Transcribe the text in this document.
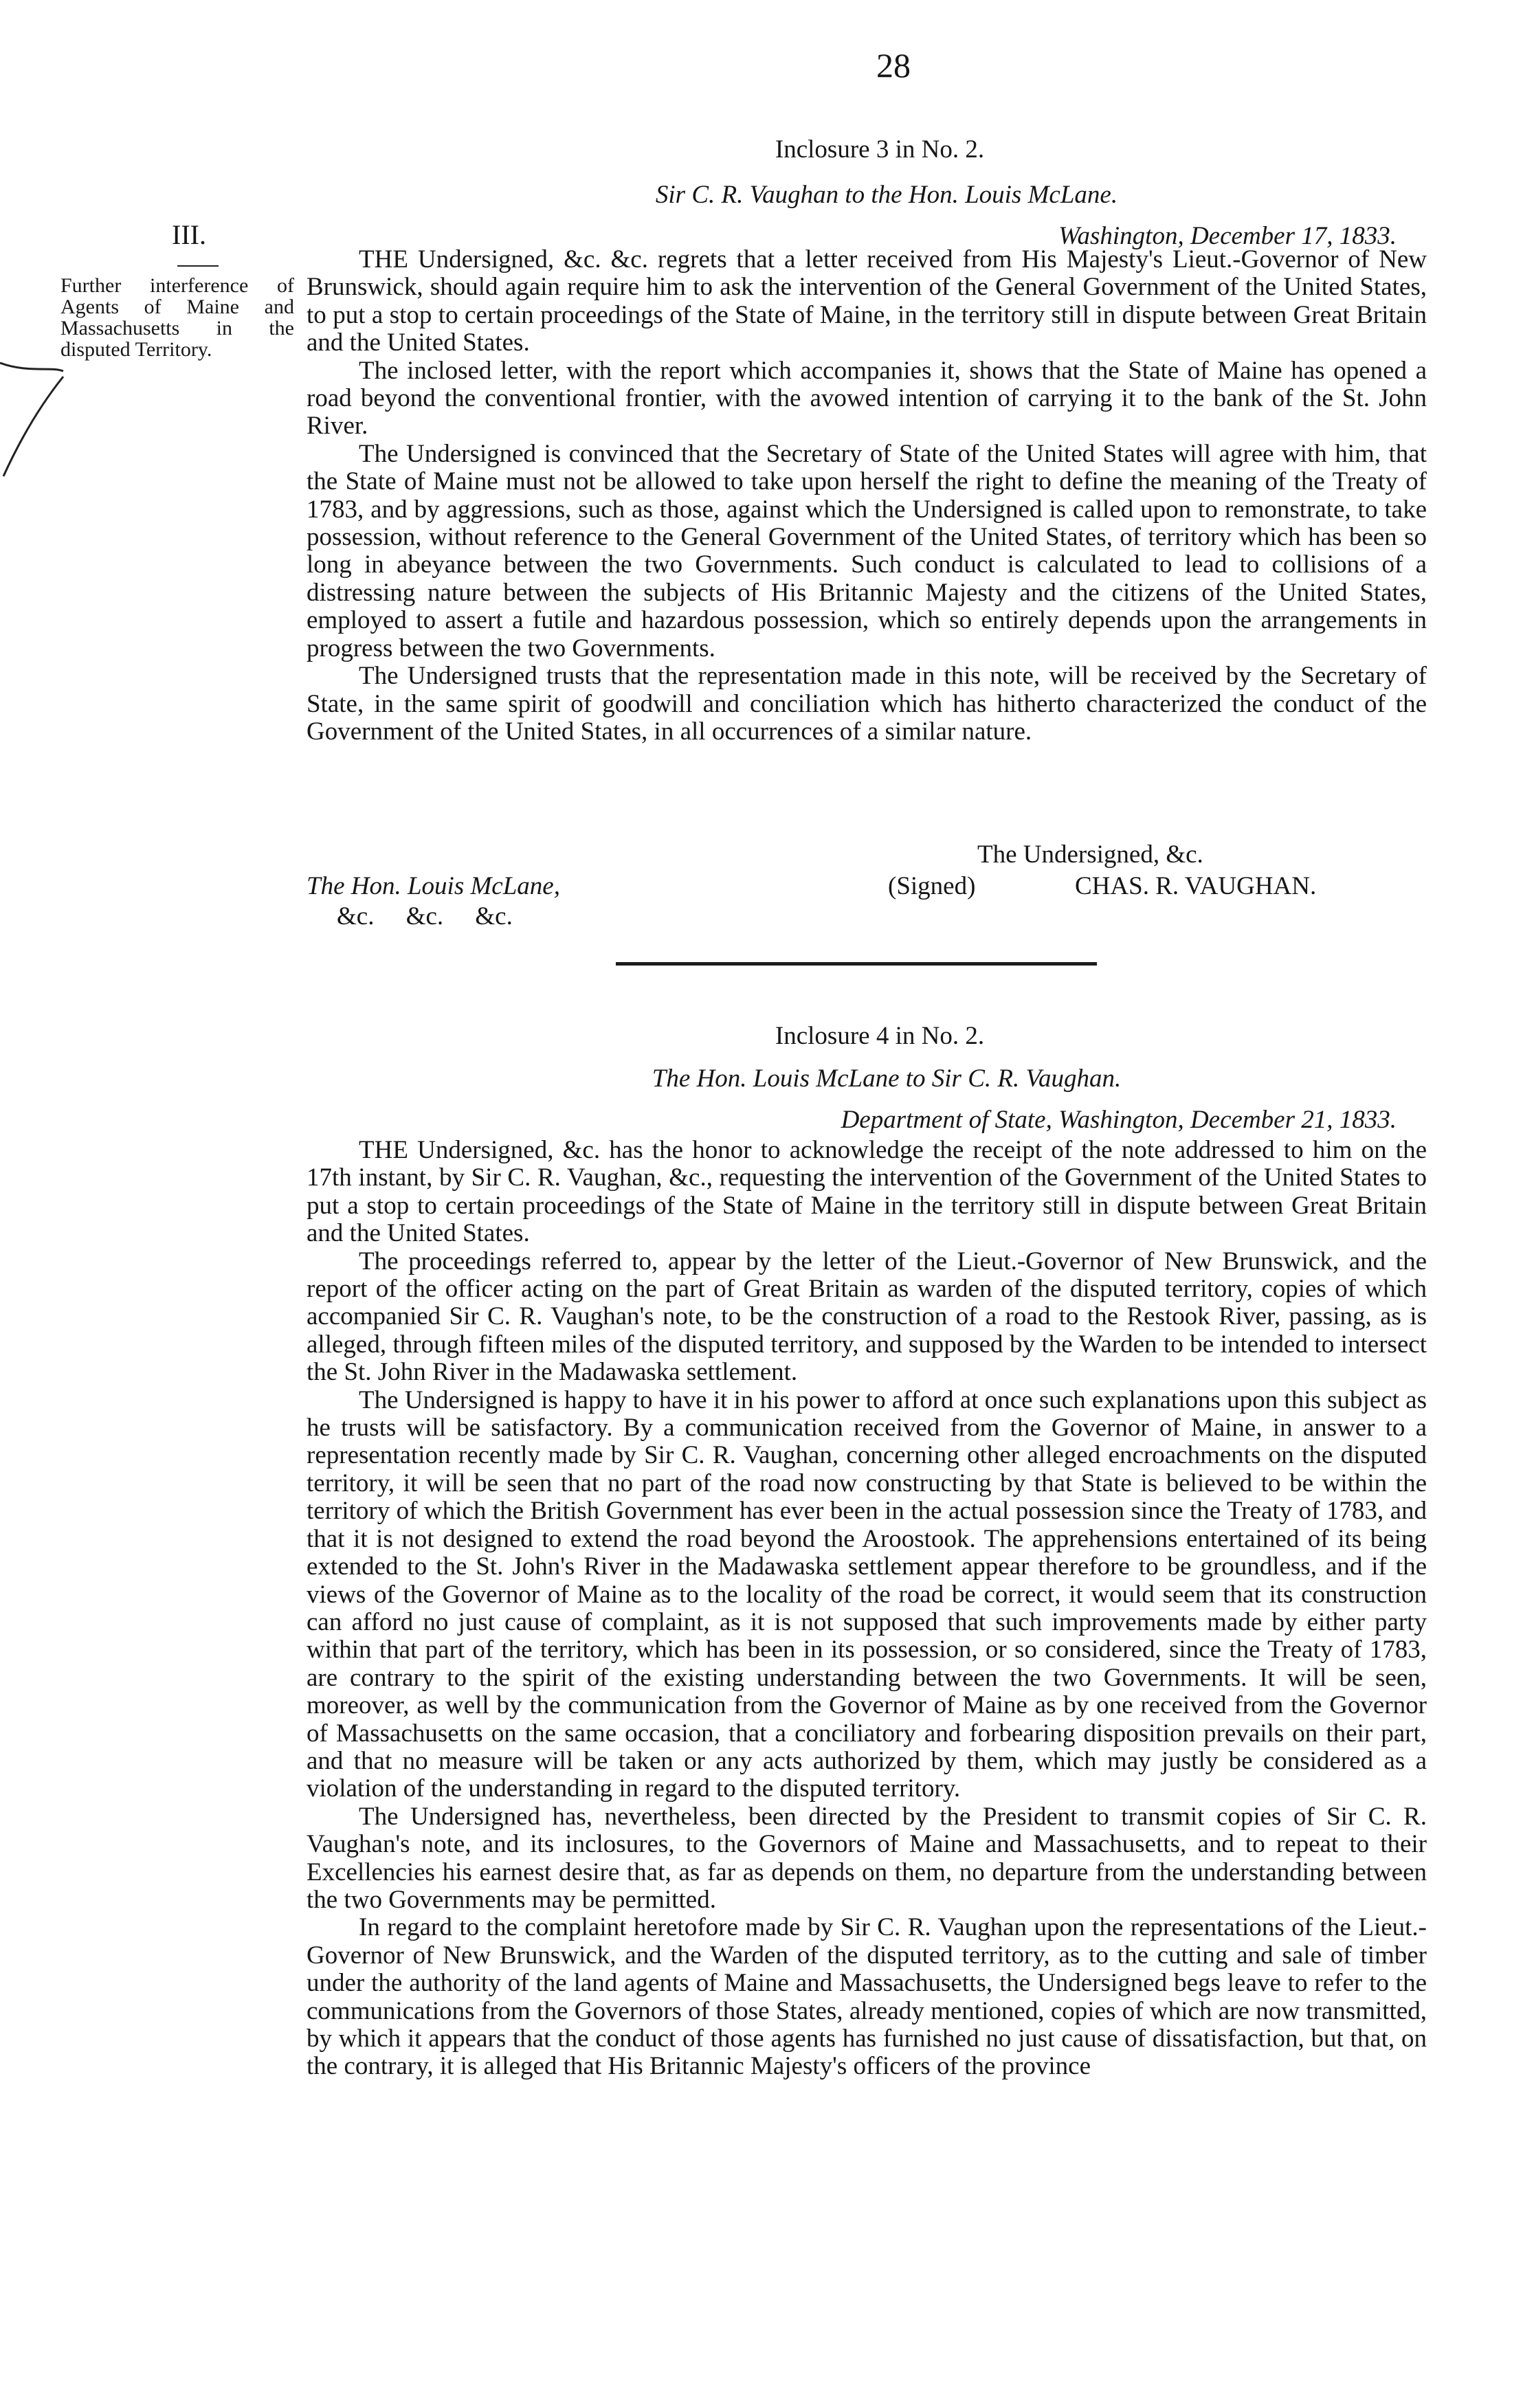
28
Inclosure 3 in No. 2.
Sir C. R. Vaughan to the Hon. Louis McLane.
Washington, December 17, 1833.
III.
Further interference of Agents of Maine and Massachusetts in the disputed Territory.

THE Undersigned, &c. &c. regrets that a letter received from His Majesty's Lieut.-Governor of New Brunswick, should again require him to ask the intervention of the General Government of the United States, to put a stop to certain proceedings of the State of Maine, in the territory still in dispute between Great Britain and the United States.

The inclosed letter, with the report which accompanies it, shows that the State of Maine has opened a road beyond the conventional frontier, with the avowed intention of carrying it to the bank of the St. John River.

The Undersigned is convinced that the Secretary of State of the United States will agree with him, that the State of Maine must not be allowed to take upon herself the right to define the meaning of the Treaty of 1783, and by aggressions, such as those, against which the Undersigned is called upon to remonstrate, to take possession, without reference to the General Government of the United States, of territory which has been so long in abeyance between the two Governments. Such conduct is calculated to lead to collisions of a distressing nature between the subjects of His Britannic Majesty and the citizens of the United States, employed to assert a futile and hazardous possession, which so entirely depends upon the arrangements in progress between the two Governments.

The Undersigned trusts that the representation made in this note, will be received by the Secretary of State, in the same spirit of goodwill and conciliation which has hitherto characterized the conduct of the Government of the United States, in all occurrences of a similar nature.

The Undersigned, &c.
The Hon. Louis McLane,
&c.     &c.     &c.
(Signed)	CHAS. R. VAUGHAN.
Inclosure 4 in No. 2.
The Hon. Louis McLane to Sir C. R. Vaughan.
Department of State, Washington, December 21, 1833.

THE Undersigned, &c. has the honor to acknowledge the receipt of the note addressed to him on the 17th instant, by Sir C. R. Vaughan, &c., requesting the intervention of the Government of the United States to put a stop to certain proceedings of the State of Maine in the territory still in dispute between Great Britain and the United States.

The proceedings referred to, appear by the letter of the Lieut.-Governor of New Brunswick, and the report of the officer acting on the part of Great Britain as warden of the disputed territory, copies of which accompanied Sir C. R. Vaughan's note, to be the construction of a road to the Restook River, passing, as is alleged, through fifteen miles of the disputed territory, and supposed by the Warden to be intended to intersect the St. John River in the Madawaska settlement.

The Undersigned is happy to have it in his power to afford at once such explanations upon this subject as he trusts will be satisfactory. By a communication received from the Governor of Maine, in answer to a representation recently made by Sir C. R. Vaughan, concerning other alleged encroachments on the disputed territory, it will be seen that no part of the road now constructing by that State is believed to be within the territory of which the British Government has ever been in the actual possession since the Treaty of 1783, and that it is not designed to extend the road beyond the Aroostook. The apprehensions entertained of its being extended to the St. John's River in the Madawaska settlement appear therefore to be groundless, and if the views of the Governor of Maine as to the locality of the road be correct, it would seem that its construction can afford no just cause of complaint, as it is not supposed that such improvements made by either party within that part of the territory, which has been in its possession, or so considered, since the Treaty of 1783, are contrary to the spirit of the existing understanding between the two Governments. It will be seen, moreover, as well by the communication from the Governor of Maine as by one received from the Governor of Massachusetts on the same occasion, that a conciliatory and forbearing disposition prevails on their part, and that no measure will be taken or any acts authorized by them, which may justly be considered as a violation of the understanding in regard to the disputed territory.

The Undersigned has, nevertheless, been directed by the President to transmit copies of Sir C. R. Vaughan's note, and its inclosures, to the Governors of Maine and Massachusetts, and to repeat to their Excellencies his earnest desire that, as far as depends on them, no departure from the understanding between the two Governments may be permitted.

In regard to the complaint heretofore made by Sir C. R. Vaughan upon the representations of the Lieut.-Governor of New Brunswick, and the Warden of the disputed territory, as to the cutting and sale of timber under the authority of the land agents of Maine and Massachusetts, the Undersigned begs leave to refer to the communications from the Governors of those States, already mentioned, copies of which are now transmitted, by which it appears that the conduct of those agents has furnished no just cause of dissatisfaction, but that, on the contrary, it is alleged that His Britannic Majesty's officers of the province
